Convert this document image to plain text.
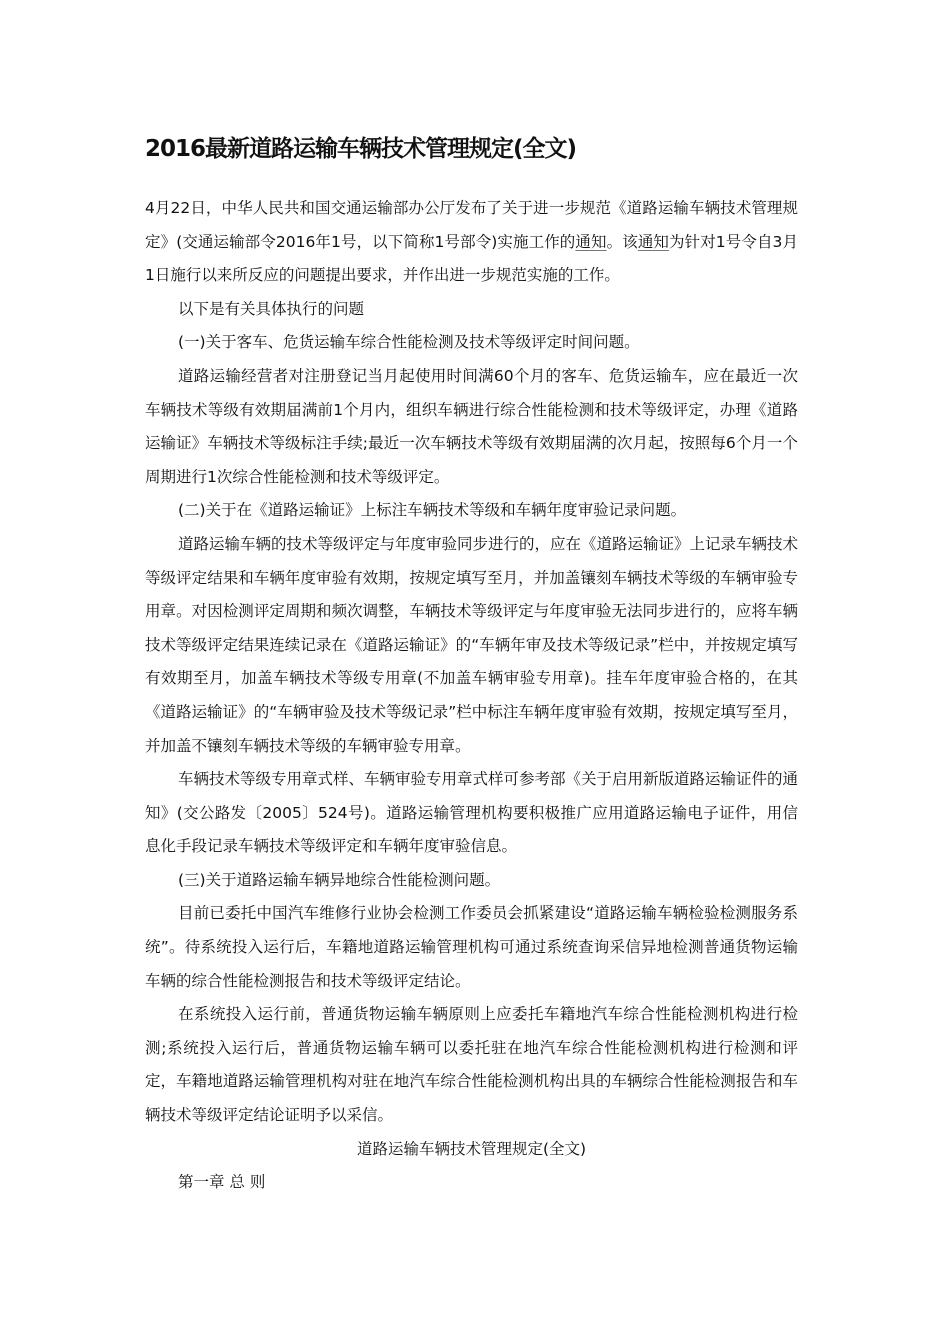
2016最新道路运输车辆技术管理规定(全文)

4月22日，中华人民共和国交通运输部办公厅发布了关于进一步规范《道路运输车辆技术管理规定》(交通运输部令2016年1号，以下简称1号部令)实施工作的通知。该通知为针对1号令自3月1日施行以来所反应的问题提出要求，并作出进一步规范实施的工作。

以下是有关具体执行的问题

(一)关于客车、危货运输车综合性能检测及技术等级评定时间问题。

道路运输经营者对注册登记当月起使用时间满60个月的客车、危货运输车，应在最近一次车辆技术等级有效期届满前1个月内，组织车辆进行综合性能检测和技术等级评定，办理《道路运输证》车辆技术等级标注手续;最近一次车辆技术等级有效期届满的次月起，按照每6个月一个周期进行1次综合性能检测和技术等级评定。

(二)关于在《道路运输证》上标注车辆技术等级和车辆年度审验记录问题。

道路运输车辆的技术等级评定与年度审验同步进行的，应在《道路运输证》上记录车辆技术等级评定结果和车辆年度审验有效期，按规定填写至月，并加盖镶刻车辆技术等级的车辆审验专用章。对因检测评定周期和频次调整，车辆技术等级评定与年度审验无法同步进行的，应将车辆技术等级评定结果连续记录在《道路运输证》的“车辆年审及技术等级记录”栏中，并按规定填写有效期至月，加盖车辆技术等级专用章(不加盖车辆审验专用章)。挂车年度审验合格的，在其《道路运输证》的“车辆审验及技术等级记录”栏中标注车辆年度审验有效期，按规定填写至月，并加盖不镶刻车辆技术等级的车辆审验专用章。

车辆技术等级专用章式样、车辆审验专用章式样可参考部《关于启用新版道路运输证件的通知》(交公路发〔2005〕524号)。道路运输管理机构要积极推广应用道路运输电子证件，用信息化手段记录车辆技术等级评定和车辆年度审验信息。

(三)关于道路运输车辆异地综合性能检测问题。

目前已委托中国汽车维修行业协会检测工作委员会抓紧建设“道路运输车辆检验检测服务系统”。待系统投入运行后，车籍地道路运输管理机构可通过系统查询采信异地检测普通货物运输车辆的综合性能检测报告和技术等级评定结论。

在系统投入运行前，普通货物运输车辆原则上应委托车籍地汽车综合性能检测机构进行检测;系统投入运行后，普通货物运输车辆可以委托驻在地汽车综合性能检测机构进行检测和评定，车籍地道路运输管理机构对驻在地汽车综合性能检测机构出具的车辆综合性能检测报告和车辆技术等级评定结论证明予以采信。

道路运输车辆技术管理规定(全文)

第一章 总 则
